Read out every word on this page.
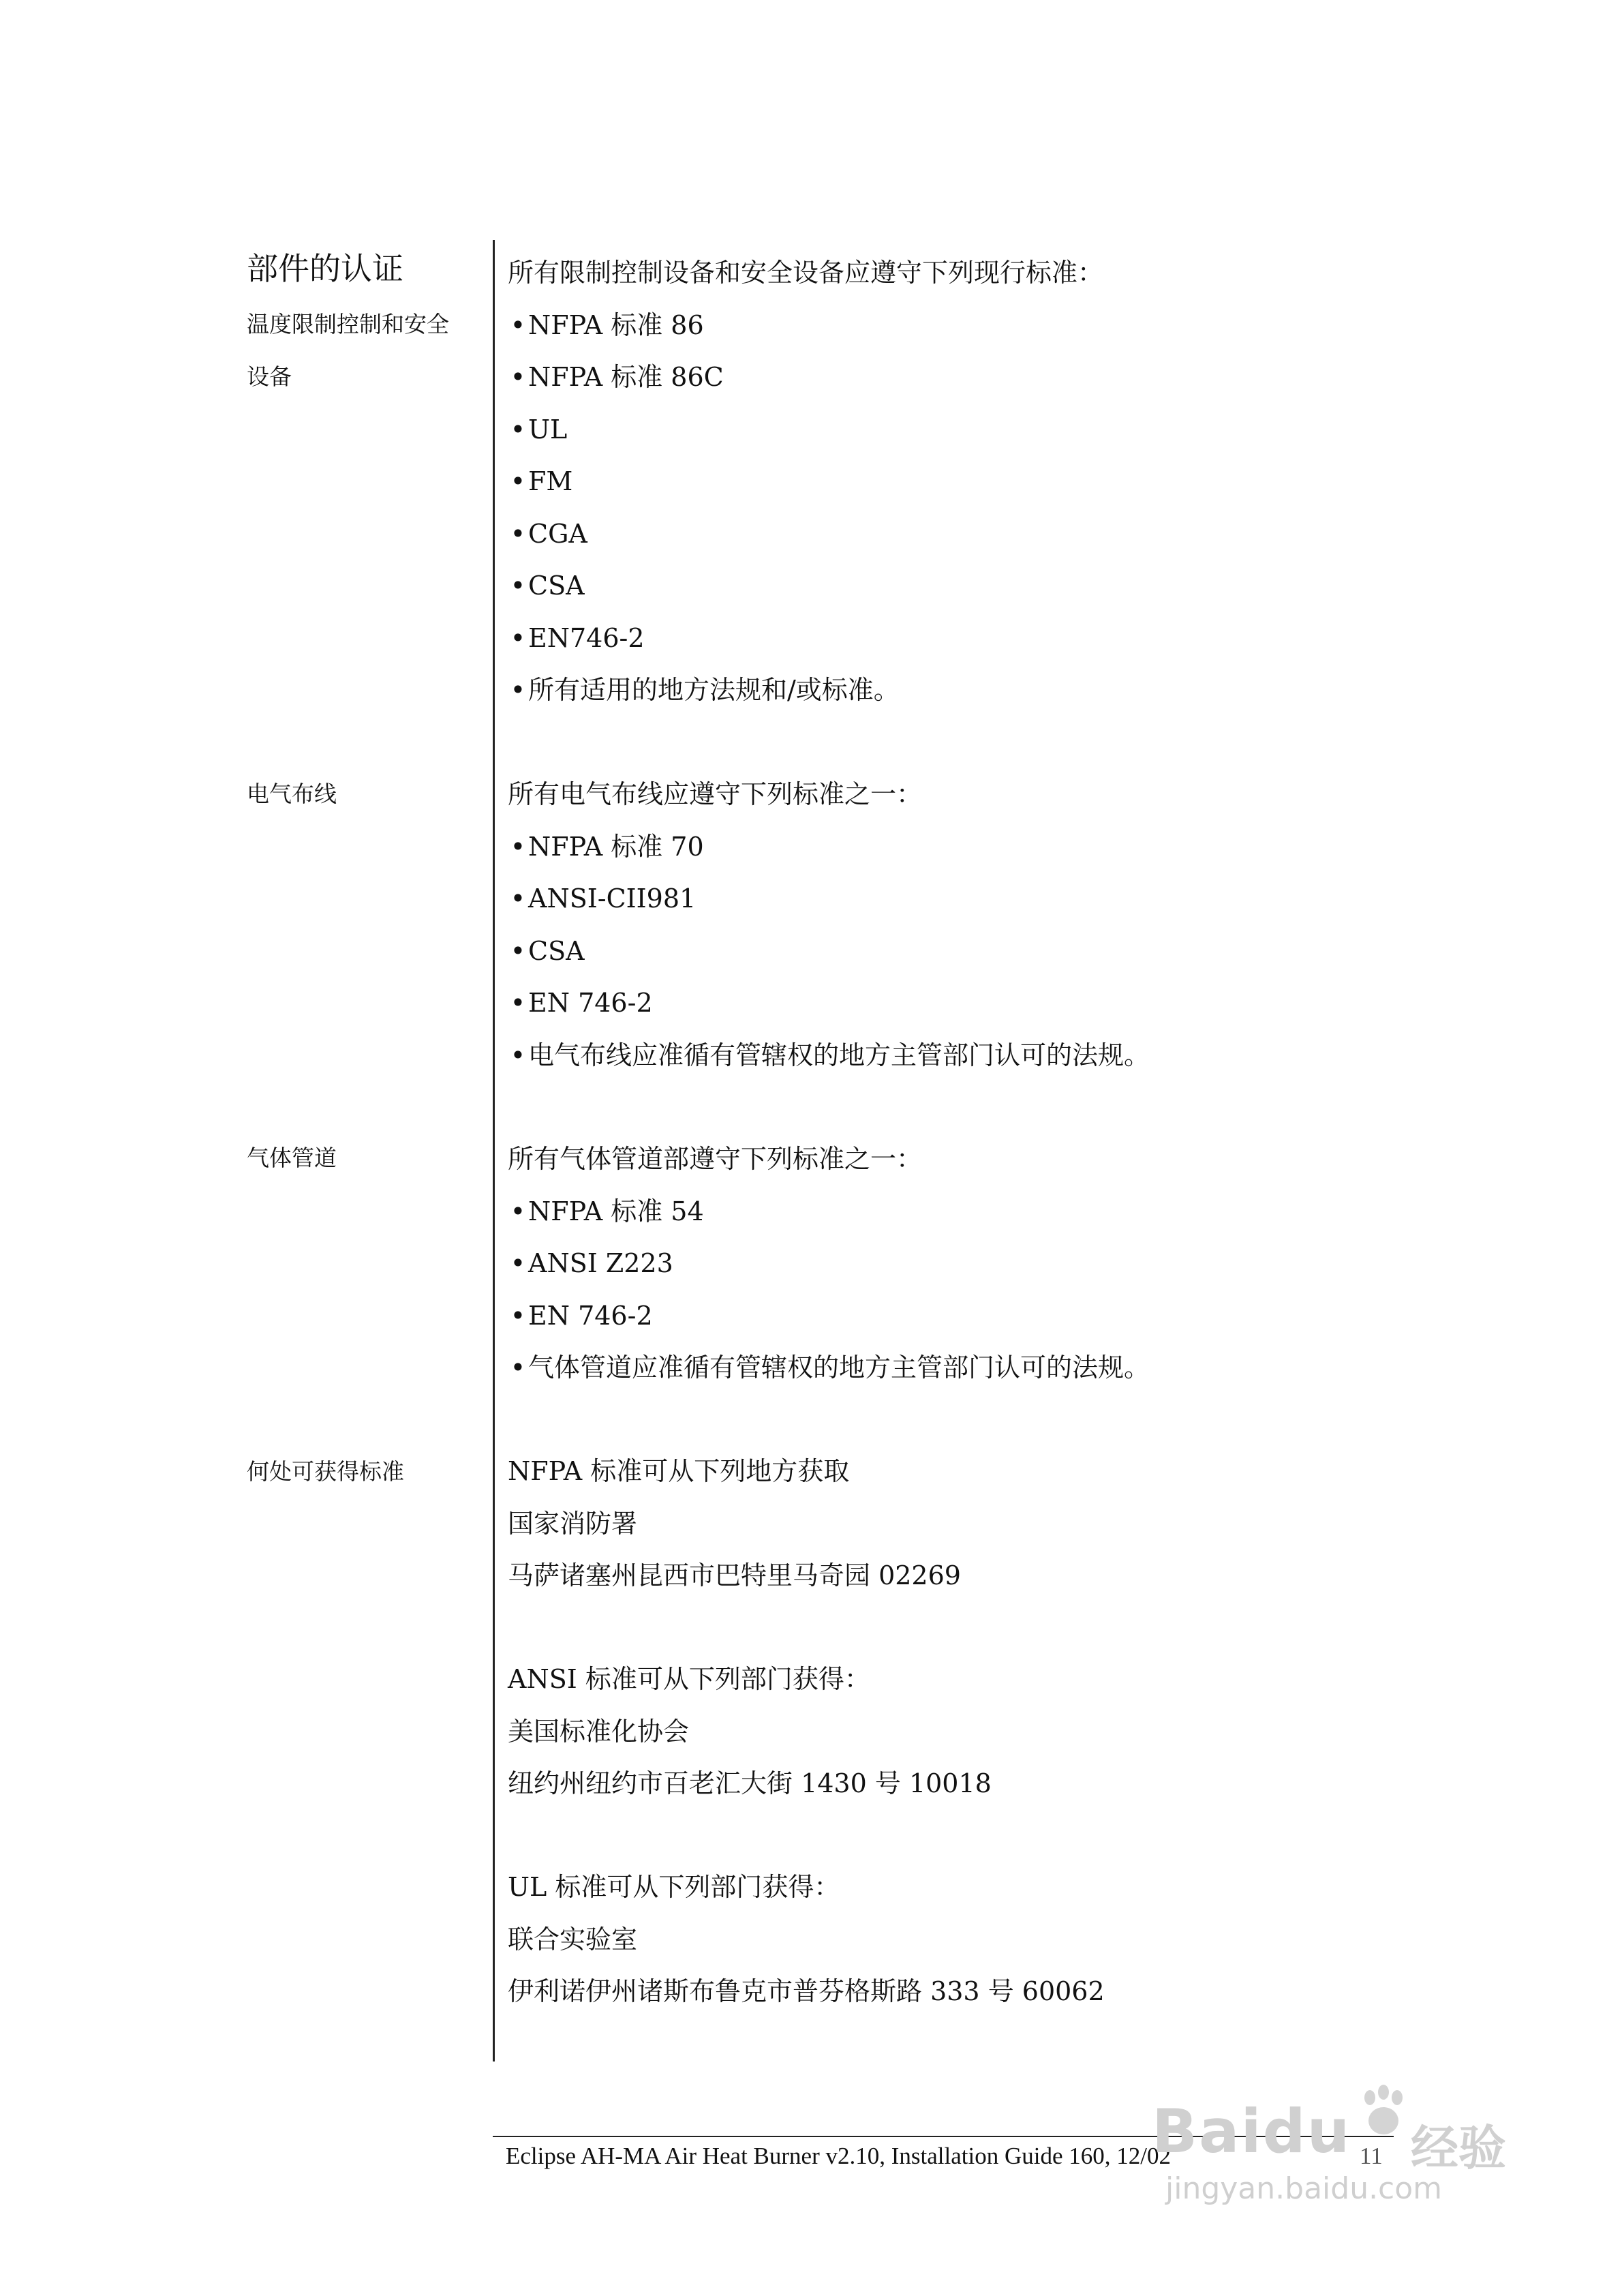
部件的认证
温度限制控制和安全
设备
电气布线
气体管道
何处可获得标准
所有限制控制设备和安全设备应遵守下列现行标准：
• NFPA 标准 86
• NFPA 标准 86C
• UL
• FM
• CGA
• CSA
• EN746-2
• 所有适用的地方法规和/或标准。
所有电气布线应遵守下列标准之一：
• NFPA 标准 70
• ANSI-CII981
• CSA
• EN 746-2
• 电气布线应准循有管辖权的地方主管部门认可的法规。
所有气体管道部遵守下列标准之一：
• NFPA 标准 54
• ANSI Z223
• EN 746-2
• 气体管道应准循有管辖权的地方主管部门认可的法规。
NFPA 标准可从下列地方获取
国家消防署
马萨诸塞州昆西市巴特里马奇园 02269
ANSI 标准可从下列部门获得：
美国标准化协会
纽约州纽约市百老汇大街 1430 号 10018
UL 标准可从下列部门获得：
联合实验室
伊利诺伊州诸斯布鲁克市普芬格斯路 333 号 60062
Eclipse AH-MA Air Heat Burner v2.10, Installation Guide 160, 12/02	11
Baidu 经验
jingyan.baidu.com
